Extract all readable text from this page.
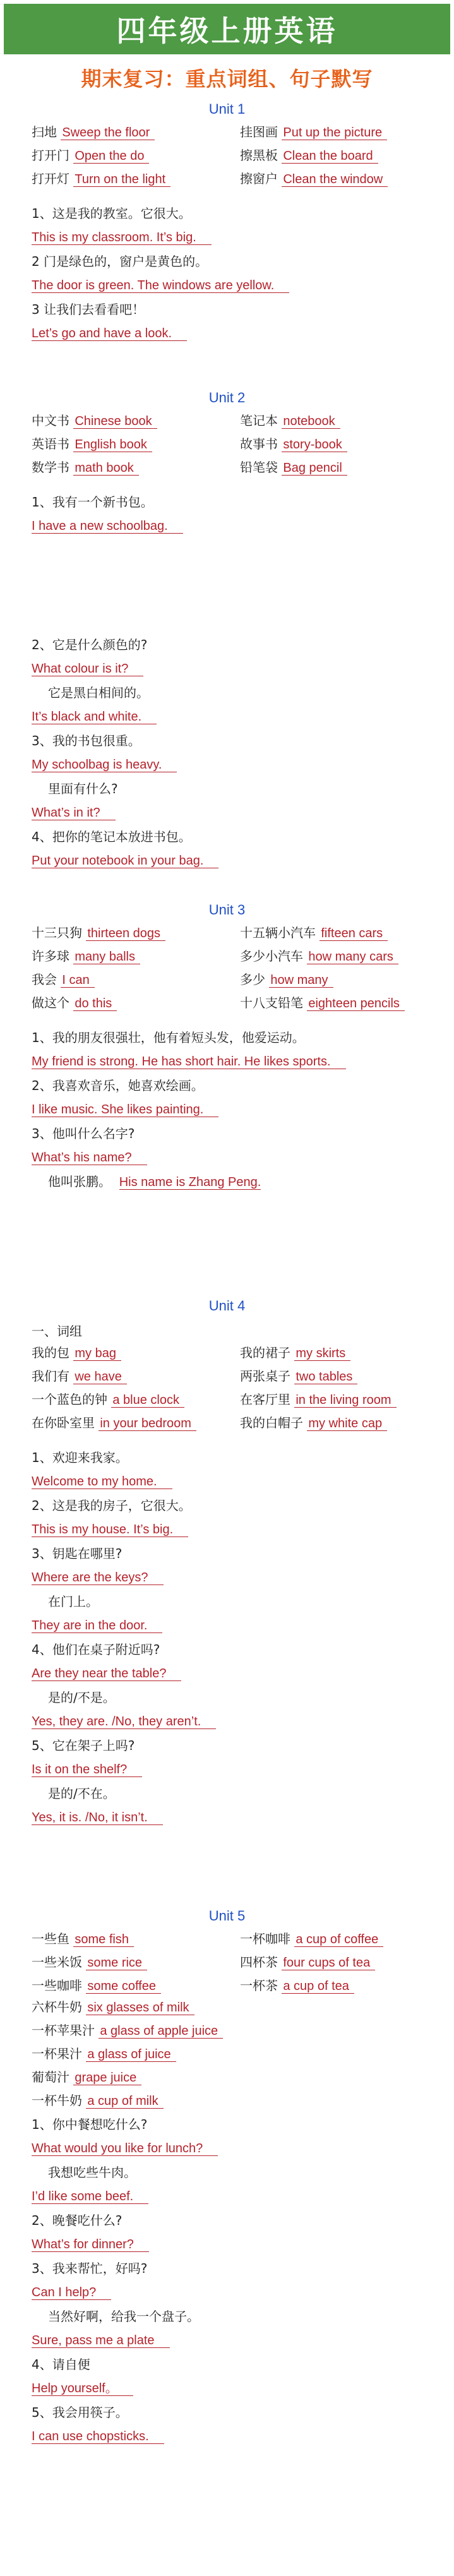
四年级上册英语
期末复习：重点词组、句子默写
Unit 1
扫地 Sweep the floor	挂图画 Put up the picture
打开门 Open the do	擦黑板 Clean the board
打开灯 Turn on the light	擦窗户 Clean the window
1、这是我的教室。它很大。
This is my classroom. It’s big.
2 门是绿色的，窗户是黄色的。
The door is green. The windows are yellow.
3 让我们去看看吧！
Let’s go and have a look.
Unit 2
中文书 Chinese book	笔记本 notebook
英语书 English book	故事书 story-book
数学书 math book	铅笔袋 Bag pencil
1、我有一个新书包。
I have a new schoolbag.
2、它是什么颜色的?
What colour is it?
它是黑白相间的。
It’s black and white.
3、我的书包很重。
My schoolbag is heavy.
里面有什么?
What’s in it?
4、把你的笔记本放进书包。
Put your notebook in your bag.
Unit 3
十三只狗 thirteen dogs	十五辆小汽车 fifteen cars
许多球 many balls	多少小汽车 how many cars
我会 I can	多少 how many
做这个 do this	十八支铅笔 eighteen pencils
1、我的朋友很强壮，他有着短头发，他爱运动。
My friend is strong. He has short hair. He likes sports.
2、我喜欢音乐，她喜欢绘画。
I like music. She likes painting.
3、他叫什么名字?
What’s his name?
他叫张鹏。 His name is Zhang Peng.
Unit 4
一、词组
我的包 my bag	我的裙子 my skirts
我们有 we have	两张桌子 two tables
一个蓝色的钟 a blue clock	在客厅里 in the living room
在你卧室里 in your bedroom	我的白帽子 my white cap
1、欢迎来我家。
Welcome to my home.
2、这是我的房子，它很大。
This is my house. It’s big.
3、钥匙在哪里?
Where are the keys?
在门上。
They are in the door.
4、他们在桌子附近吗?
Are they near the table?
是的/不是。
Yes, they are. /No, they aren’t.
5、它在架子上吗?
Is it on the shelf?
是的/不在。
Yes, it is. /No, it isn’t.
Unit 5
一些鱼 some fish	一杯咖啡 a cup of coffee
一些米饭 some rice	四杯茶 four cups of tea
一些咖啡 some coffee	一杯茶 a cup of tea
六杯牛奶 six glasses of milk
一杯苹果汁 a glass of apple juice
一杯果汁 a glass of juice
葡萄汁 grape juice
一杯牛奶 a cup of milk
1、你中餐想吃什么?
What would you like for lunch?
我想吃些牛肉。
I’d like some beef.
2、晚餐吃什么?
What’s for dinner?
3、我来帮忙，好吗?
Can I help?
当然好啊，给我一个盘子。
Sure, pass me a plate
4、请自便
Help yourself。
5、我会用筷子。
I can use chopsticks.
